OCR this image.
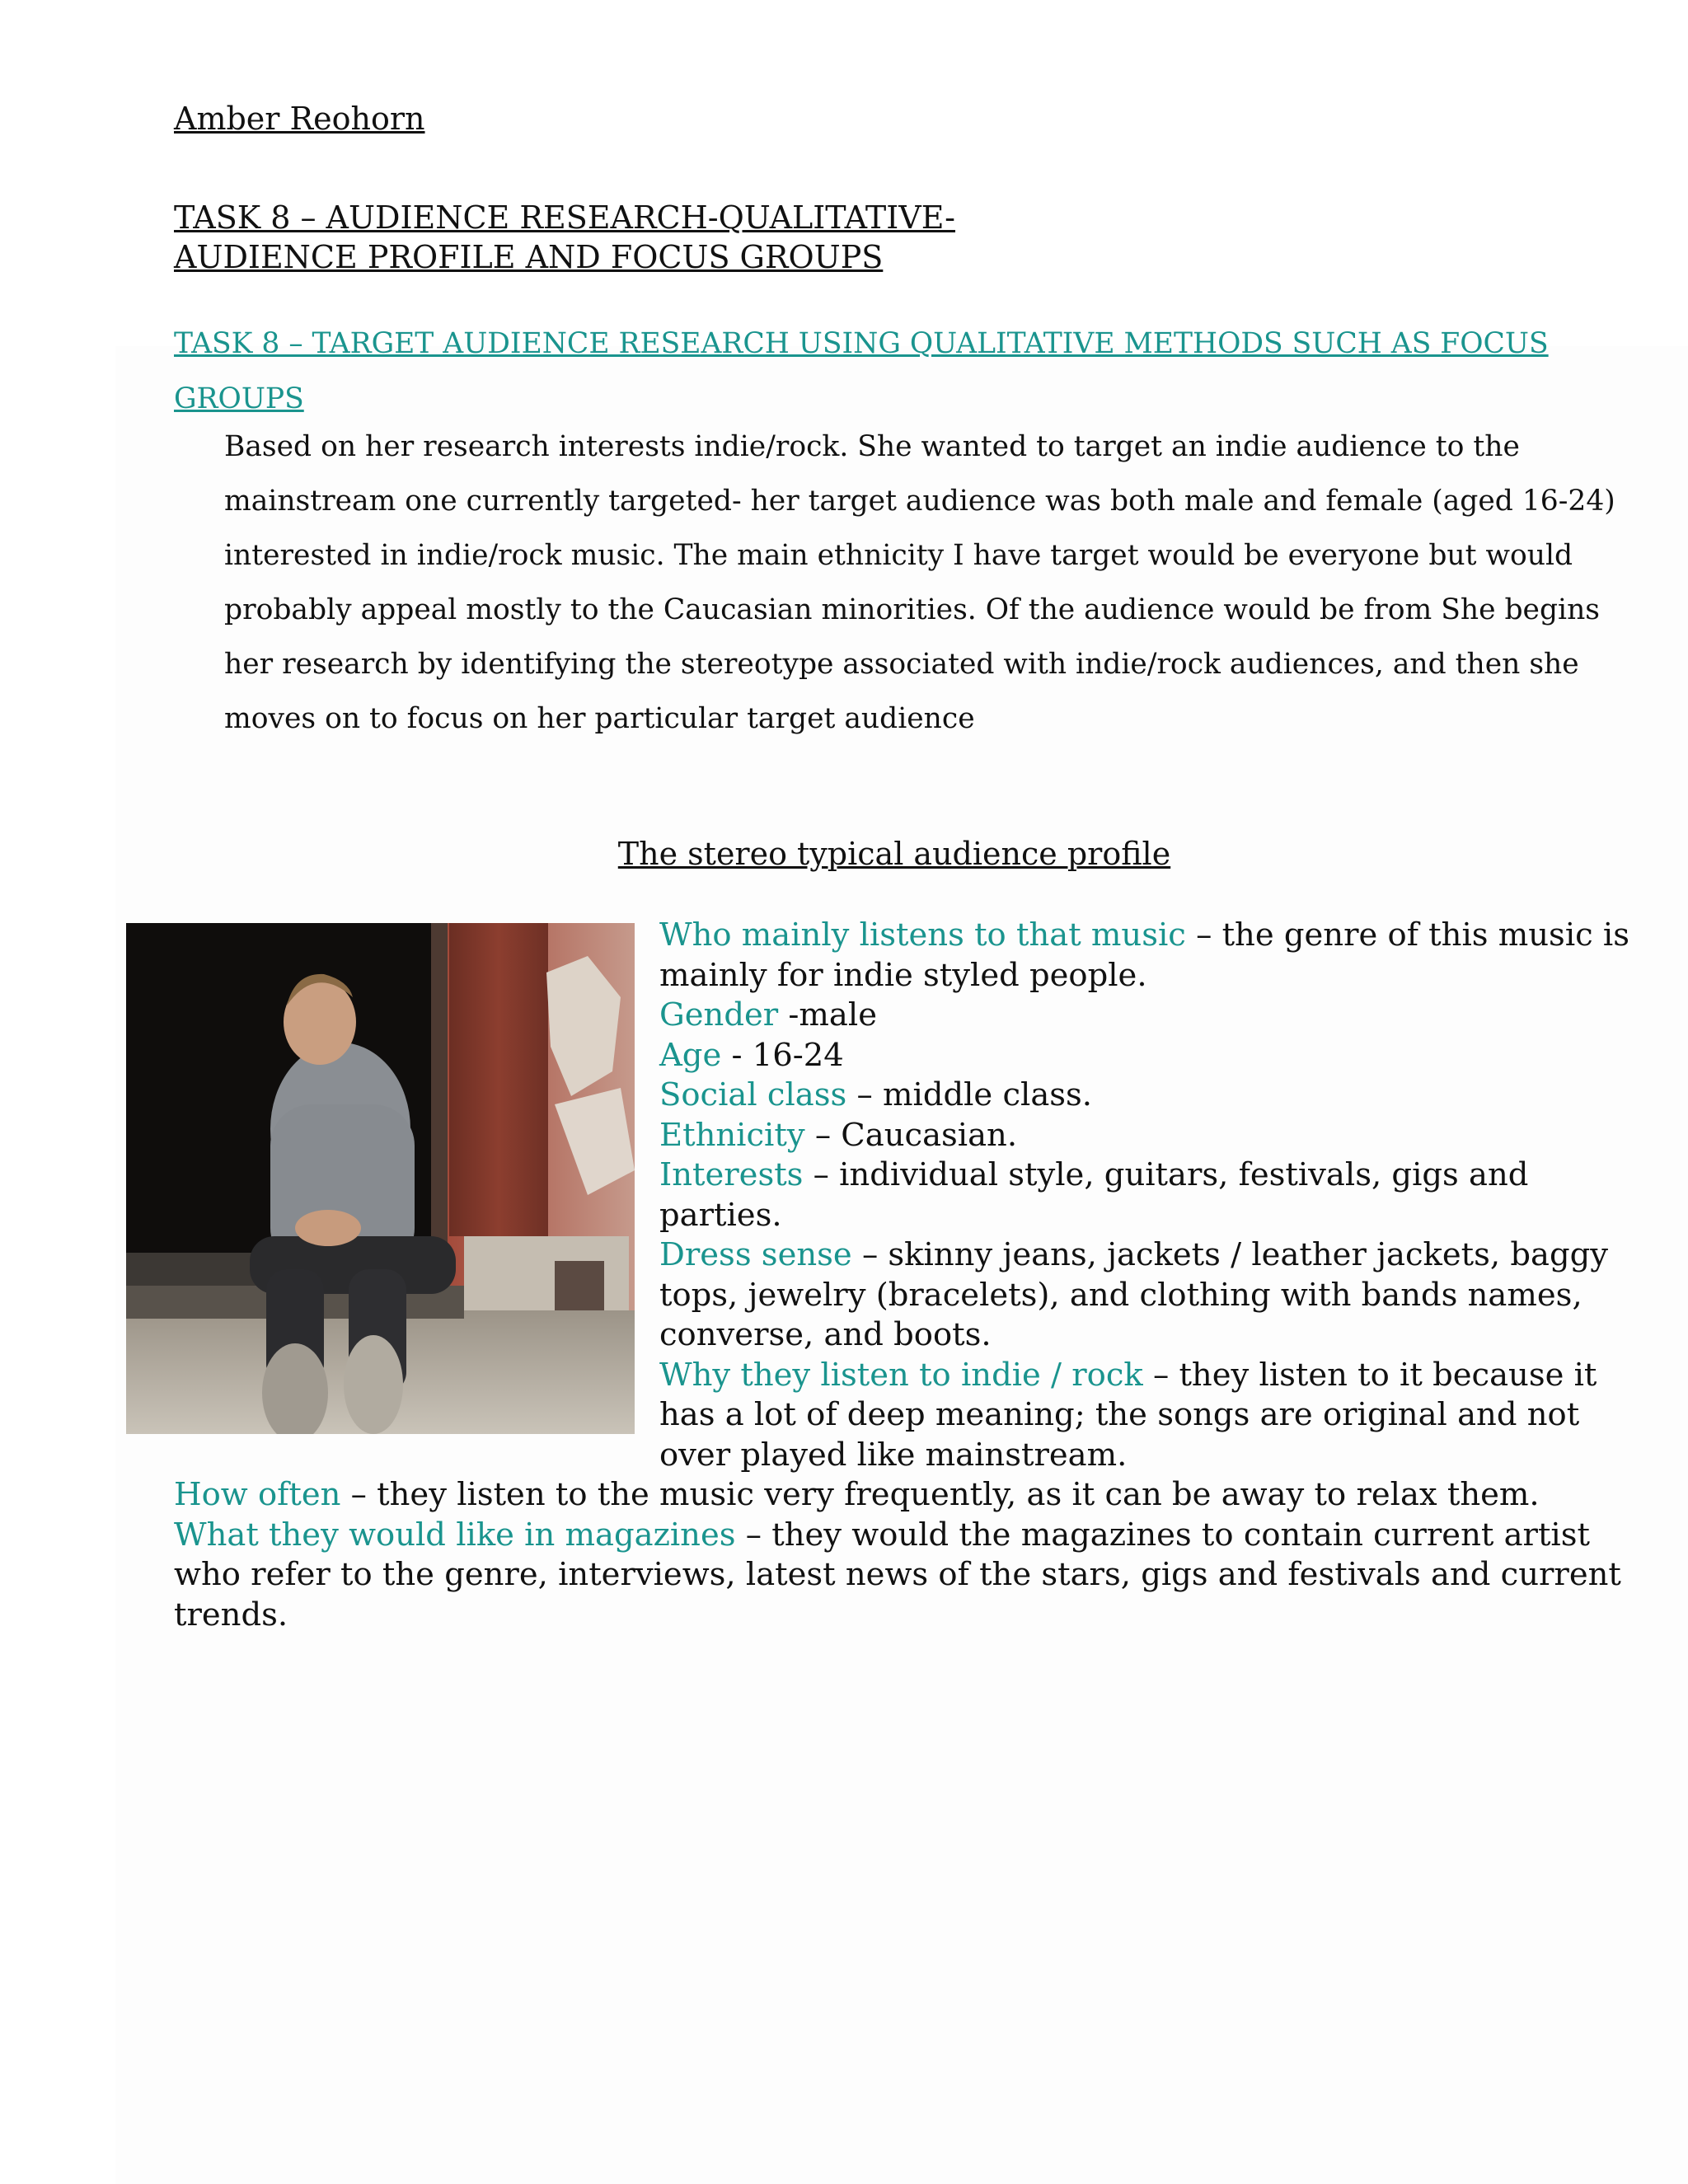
Amber Reohorn
TASK 8 – AUDIENCE RESEARCH-QUALITATIVE-
AUDIENCE PROFILE AND FOCUS GROUPS
TASK 8 – TARGET AUDIENCE RESEARCH USING QUALITATIVE METHODS SUCH AS FOCUS GROUPS
Based on her research interests indie/rock. She wanted to target an indie audience to the mainstream one currently targeted- her target audience was both male and female (aged 16-24) interested in indie/rock music. The main ethnicity I have target would be everyone but would probably appeal mostly to the Caucasian minorities. Of the audience would be from She begins her research by identifying the stereotype associated with indie/rock audiences, and then she moves on to focus on her particular target audience
The stereo typical audience profile

Who mainly listens to that music – the genre of this music is mainly for indie styled people.

Gender -male

Age - 16-24

Social class – middle class.

Ethnicity – Caucasian.

Interests – individual style, guitars, festivals, gigs and parties.

Dress sense – skinny jeans, jackets / leather jackets, baggy tops, jewelry (bracelets), and clothing with bands names, converse, and boots.

Why they listen to indie / rock – they listen to it because it has a lot of deep meaning; the songs are original and not over played like mainstream.

How often – they listen to the music very frequently, as it can be away to relax them.

What they would like in magazines – they would the magazines to contain current artist who refer to the genre, interviews, latest news of the stars, gigs and festivals and current trends.
